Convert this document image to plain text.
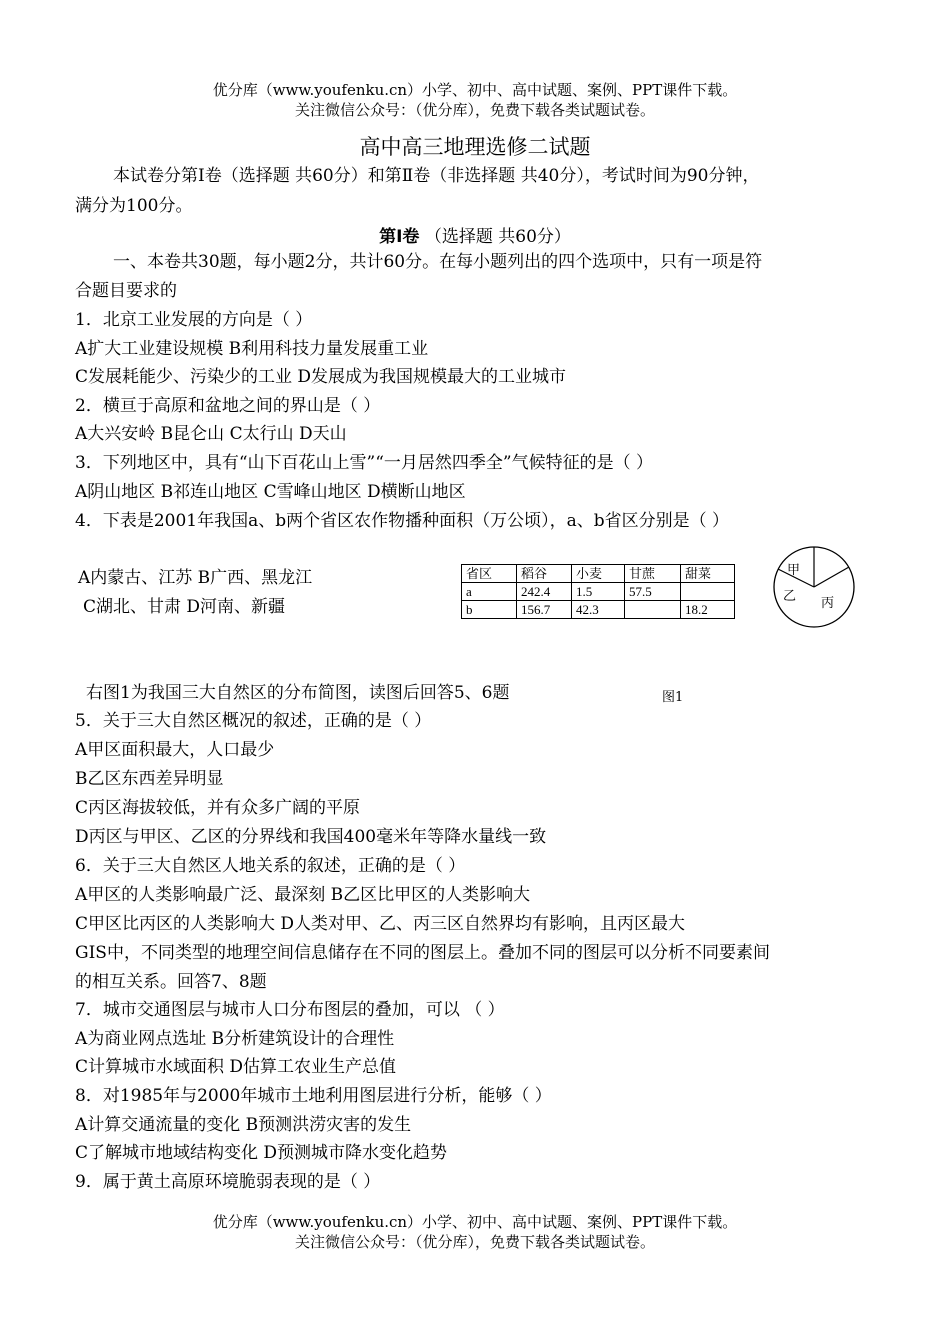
优分库（www.youfenku.cn）小学、初中、高中试题、案例、PPT课件下载。
关注微信公众号：（优分库），免费下载各类试题试卷。
高中高三地理选修二试题
本试卷分第Ⅰ卷（选择题 共60分）和第Ⅱ卷（非选择题 共40分），考试时间为90分钟，
满分为100分。
第Ⅰ卷 （选择题 共60分）
一、本卷共30题，每小题2分，共计60分。在每小题列出的四个选项中，只有一项是符
合题目要求的
1．北京工业发展的方向是（ ）
A扩大工业建设规模 B利用科技力量发展重工业
C发展耗能少、污染少的工业 D发展成为我国规模最大的工业城市
2．横亘于高原和盆地之间的界山是（ ）
A大兴安岭 B昆仑山 C太行山 D天山
3．下列地区中，具有“山下百花山上雪”“一月居然四季全”气候特征的是（ ）
A阴山地区 B祁连山地区 C雪峰山地区 D横断山地区
4．下表是2001年我国a、b两个省区农作物播种面积（万公顷），a、b省区分别是（ ）
A内蒙古、江苏 B广西、黑龙江
C湖北、甘肃 D河南、新疆
省区	稻谷	小麦	甘蔗	甜菜
a	242.4	1.5	57.5	
b	156.7	42.3		18.2
甲
乙 丙
右图1为我国三大自然区的分布简图，读图后回答5、6题	图1
5．关于三大自然区概况的叙述，正确的是（ ）
A甲区面积最大，人口最少
B乙区东西差异明显
C丙区海拔较低，并有众多广阔的平原
D丙区与甲区、乙区的分界线和我国400毫米年等降水量线一致
6．关于三大自然区人地关系的叙述，正确的是（ ）
A甲区的人类影响最广泛、最深刻 B乙区比甲区的人类影响大
C甲区比丙区的人类影响大 D人类对甲、乙、丙三区自然界均有影响，且丙区最大
GIS中，不同类型的地理空间信息储存在不同的图层上。叠加不同的图层可以分析不同要素间
的相互关系。回答7、8题
7．城市交通图层与城市人口分布图层的叠加，可以 （ ）
A为商业网点选址 B分析建筑设计的合理性
C计算城市水域面积 D估算工农业生产总值
8．对1985年与2000年城市土地利用图层进行分析，能够（ ）
A计算交通流量的变化 B预测洪涝灾害的发生
C了解城市地域结构变化 D预测城市降水变化趋势
9．属于黄土高原环境脆弱表现的是（ ）
优分库（www.youfenku.cn）小学、初中、高中试题、案例、PPT课件下载。
关注微信公众号：（优分库），免费下载各类试题试卷。
